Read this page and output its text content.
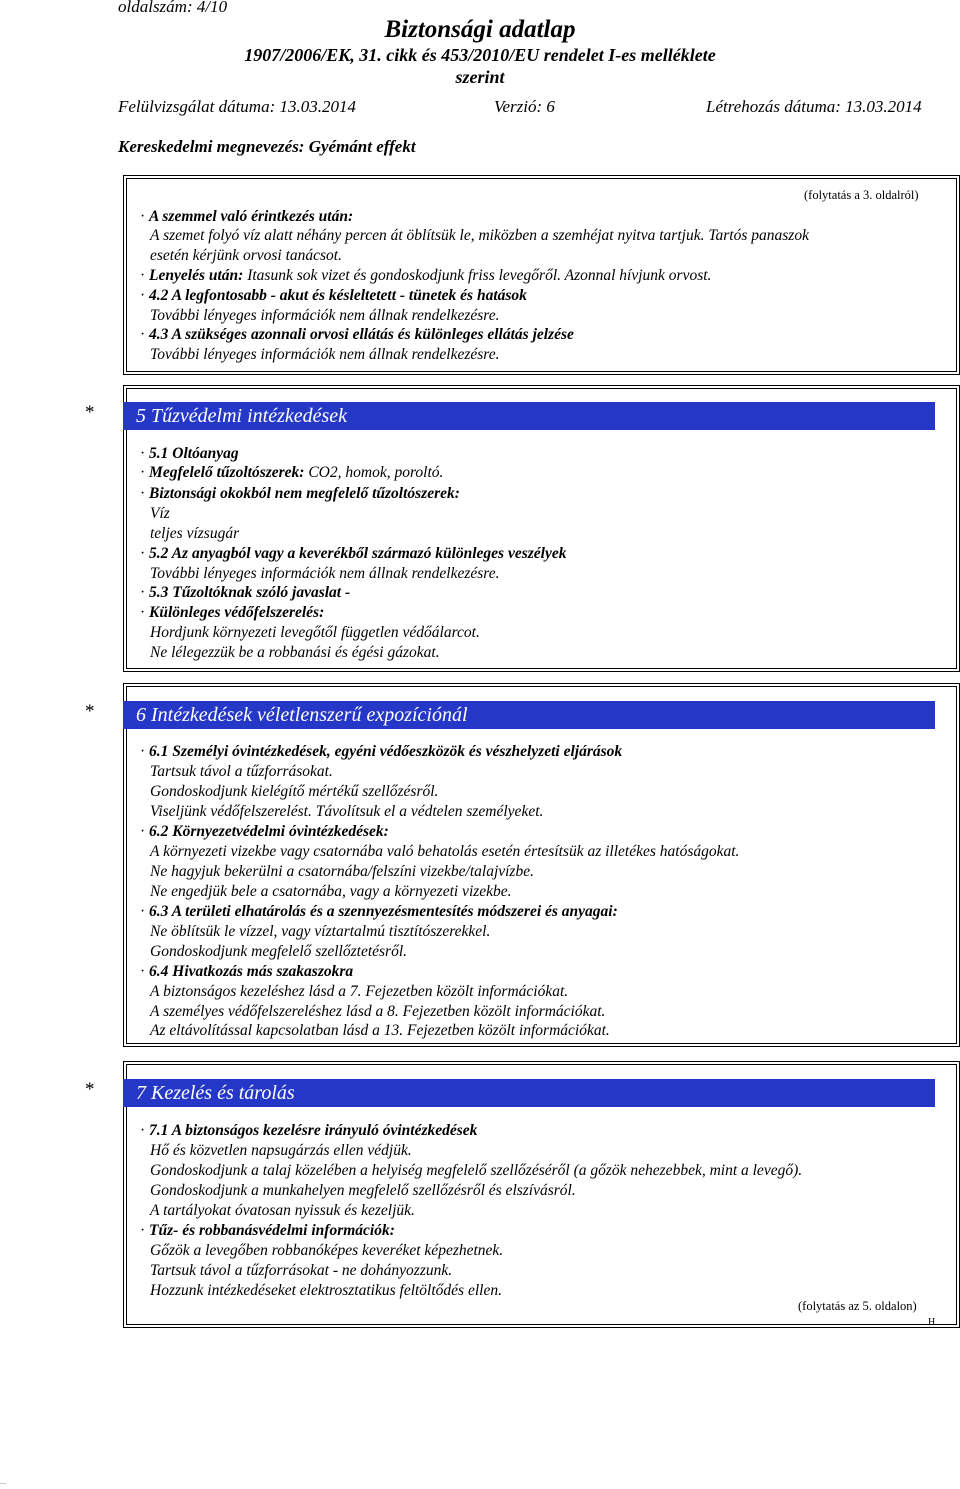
oldalszám: 4/10
Biztonsági adatlap
1907/2006/EK, 31. cikk és 453/2010/EU rendelet I-es melléklete
szerint
Felülvizsgálat dátuma: 13.03.2014	Verzió: 6	Létrehozás dátuma: 13.03.2014
Kereskedelmi megnevezés: Gyémánt effekt
(folytatás a 3. oldalról)
· A szemmel való érintkezés után:
A szemet folyó víz alatt néhány percen át öblítsük le, miközben a szemhéjat nyitva tartjuk. Tartós panaszok
esetén kérjünk orvosi tanácsot.
· Lenyelés után: Itasunk sok vizet és gondoskodjunk friss levegőről. Azonnal hívjunk orvost.
· 4.2 A legfontosabb - akut és késleltetett - tünetek és hatások
További lényeges információk nem állnak rendelkezésre.
· 4.3 A szükséges azonnali orvosi ellátás és különleges ellátás jelzése
További lényeges információk nem állnak rendelkezésre.
*	5 Tűzvédelmi intézkedések
· 5.1 Oltóanyag
· Megfelelő tűzoltószerek: CO2, homok, poroltó.
· Biztonsági okokból nem megfelelő tűzoltószerek:
Víz
teljes vízsugár
· 5.2 Az anyagból vagy a keverékből származó különleges veszélyek
További lényeges információk nem állnak rendelkezésre.
· 5.3 Tűzoltóknak szóló javaslat -
· Különleges védőfelszerelés:
Hordjunk környezeti levegőtől független védőálarcot.
Ne lélegezzük be a robbanási és égési gázokat.
*	6 Intézkedések véletlenszerű expozíciónál
· 6.1 Személyi óvintézkedések, egyéni védőeszközök és vészhelyzeti eljárások
Tartsuk távol a tűzforrásokat.
Gondoskodjunk kielégítő mértékű szellőzésről.
Viseljünk védőfelszerelést. Távolítsuk el a védtelen személyeket.
· 6.2 Környezetvédelmi óvintézkedések:
A környezeti vizekbe vagy csatornába való behatolás esetén értesítsük az illetékes hatóságokat.
Ne hagyjuk bekerülni a csatornába/felszíni vizekbe/talajvízbe.
Ne engedjük bele a csatornába, vagy a környezeti vizekbe.
· 6.3 A területi elhatárolás és a szennyezésmentesítés módszerei és anyagai:
Ne öblítsük le vízzel, vagy víztartalmú tisztítószerekkel.
Gondoskodjunk megfelelő szellőztetésről.
· 6.4 Hivatkozás más szakaszokra
A biztonságos kezeléshez lásd a 7. Fejezetben közölt információkat.
A személyes védőfelszereléshez lásd a 8. Fejezetben közölt információkat.
Az eltávolítással kapcsolatban lásd a 13. Fejezetben közölt információkat.
*	7 Kezelés és tárolás
· 7.1 A biztonságos kezelésre irányuló óvintézkedések
Hő és közvetlen napsugárzás ellen védjük.
Gondoskodjunk a talaj közelében a helyiség megfelelő szellőzéséről (a gőzök nehezebbek, mint a levegő).
Gondoskodjunk a munkahelyen megfelelő szellőzésről és elszívásról.
A tartályokat óvatosan nyissuk és kezeljük.
· Tűz- és robbanásvédelmi információk:
Gőzök a levegőben robbanóképes keveréket képezhetnek.
Tartsuk távol a tűzforrásokat - ne dohányozzunk.
Hozzunk intézkedéseket elektrosztatikus feltöltődés ellen.
(folytatás az 5. oldalon)
H
...
